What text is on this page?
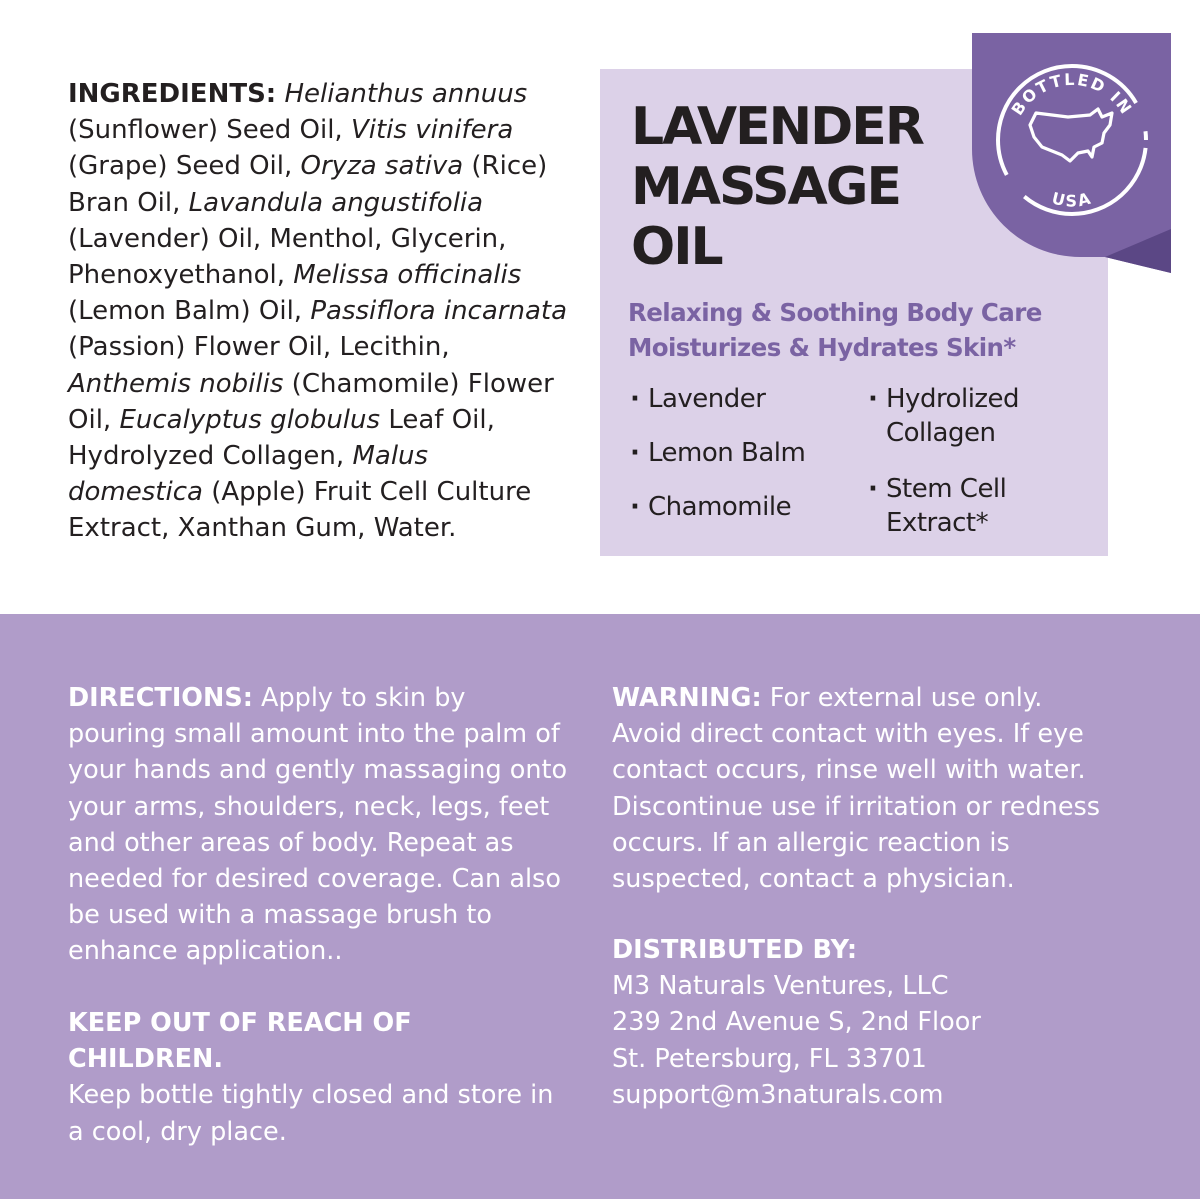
INGREDIENTS: Helianthus annuus (Sunflower) Seed Oil, Vitis vinifera (Grape) Seed Oil, Oryza sativa (Rice) Bran Oil, Lavandula angustifolia (Lavender) Oil, Menthol, Glycerin, Phenoxyethanol, Melissa officinalis (Lemon Balm) Oil, Passiflora incarnata (Passion) Flower Oil, Lecithin, Anthemis nobilis (Chamomile) Flower Oil, Eucalyptus globulus Leaf Oil, Hydrolyzed Collagen, Malus domestica (Apple) Fruit Cell Culture Extract, Xanthan Gum, Water.
LAVENDER
MASSAGE
OIL
Relaxing & Soothing Body Care
Moisturizes & Hydrates Skin*
· Lavender
· Lemon Balm
· Chamomile
· Hydrolized Collagen
· Stem Cell Extract*
BOTTLED IN
USA
DIRECTIONS: Apply to skin by pouring small amount into the palm of your hands and gently massaging onto your arms, shoulders, neck, legs, feet and other areas of body. Repeat as needed for desired coverage. Can also be used with a massage brush to enhance application..
KEEP OUT OF REACH OF CHILDREN.
Keep bottle tightly closed and store in a cool, dry place.
WARNING: For external use only. Avoid direct contact with eyes. If eye contact occurs, rinse well with water. Discontinue use if irritation or redness occurs. If an allergic reaction is suspected, contact a physician.
DISTRIBUTED BY:
M3 Naturals Ventures, LLC
239 2nd Avenue S, 2nd Floor
St. Petersburg, FL 33701
support@m3naturals.com
